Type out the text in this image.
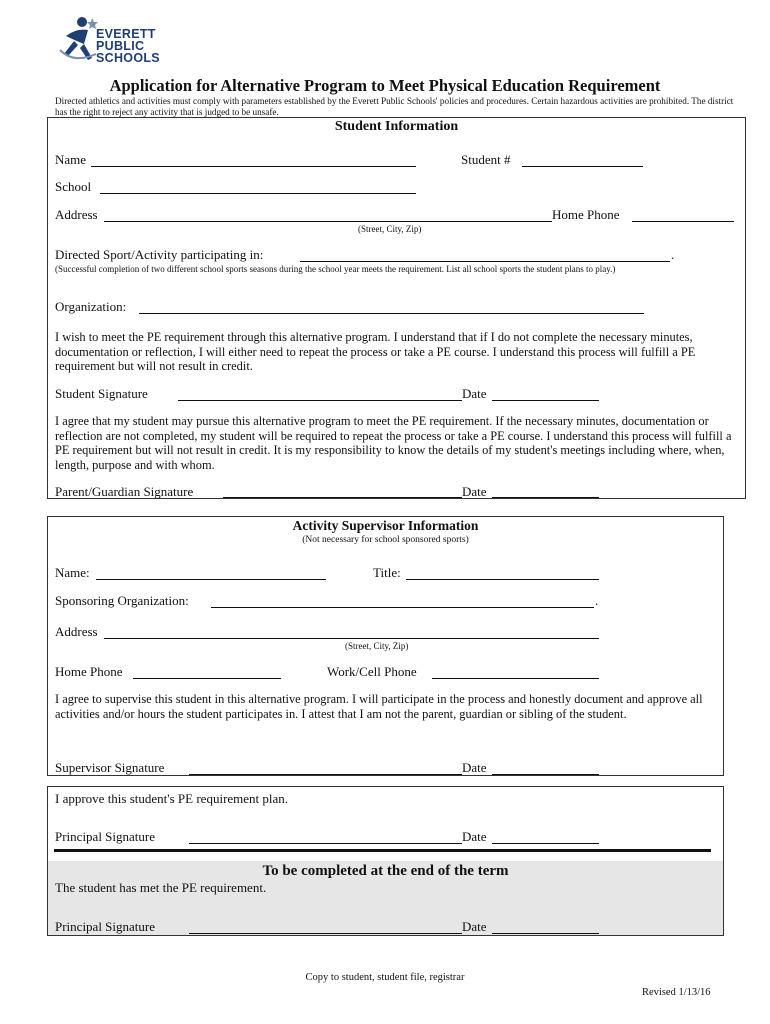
EVERETT
PUBLIC
SCHOOLS
Application for Alternative Program to Meet Physical Education Requirement
Directed athletics and activities must comply with parameters established by the Everett Public Schools' policies and procedures. Certain hazardous activities are prohibited. The district has the right to reject any activity that is judged to be unsafe.
Student Information
Name	Student #
School
Address	Home Phone
(Street, City, Zip)
Directed Sport/Activity participating in:	.
(Successful completion of two different school sports seasons during the school year meets the requirement. List all school sports the student plans to play.)
Organization:
I wish to meet the PE requirement through this alternative program. I understand that if I do not complete the necessary minutes, documentation or reflection, I will either need to repeat the process or take a PE course. I understand this process will fulfill a PE requirement but will not result in credit.
Student Signature	Date
I agree that my student may pursue this alternative program to meet the PE requirement. If the necessary minutes, documentation or reflection are not completed, my student will be required to repeat the process or take a PE course. I understand this process will fulfill a PE requirement but will not result in credit. It is my responsibility to know the details of my student's meetings including where, when, length, purpose and with whom.
Parent/Guardian Signature	Date
Activity Supervisor Information
(Not necessary for school sponsored sports)
Name:	Title:
Sponsoring Organization:	.
Address
(Street, City, Zip)
Home Phone	Work/Cell Phone
I agree to supervise this student in this alternative program. I will participate in the process and honestly document and approve all activities and/or hours the student participates in. I attest that I am not the parent, guardian or sibling of the student.
Supervisor Signature	Date
I approve this student's PE requirement plan.
Principal Signature	Date
To be completed at the end of the term
The student has met the PE requirement.
Principal Signature	Date
Copy to student, student file, registrar
Revised 1/13/16
